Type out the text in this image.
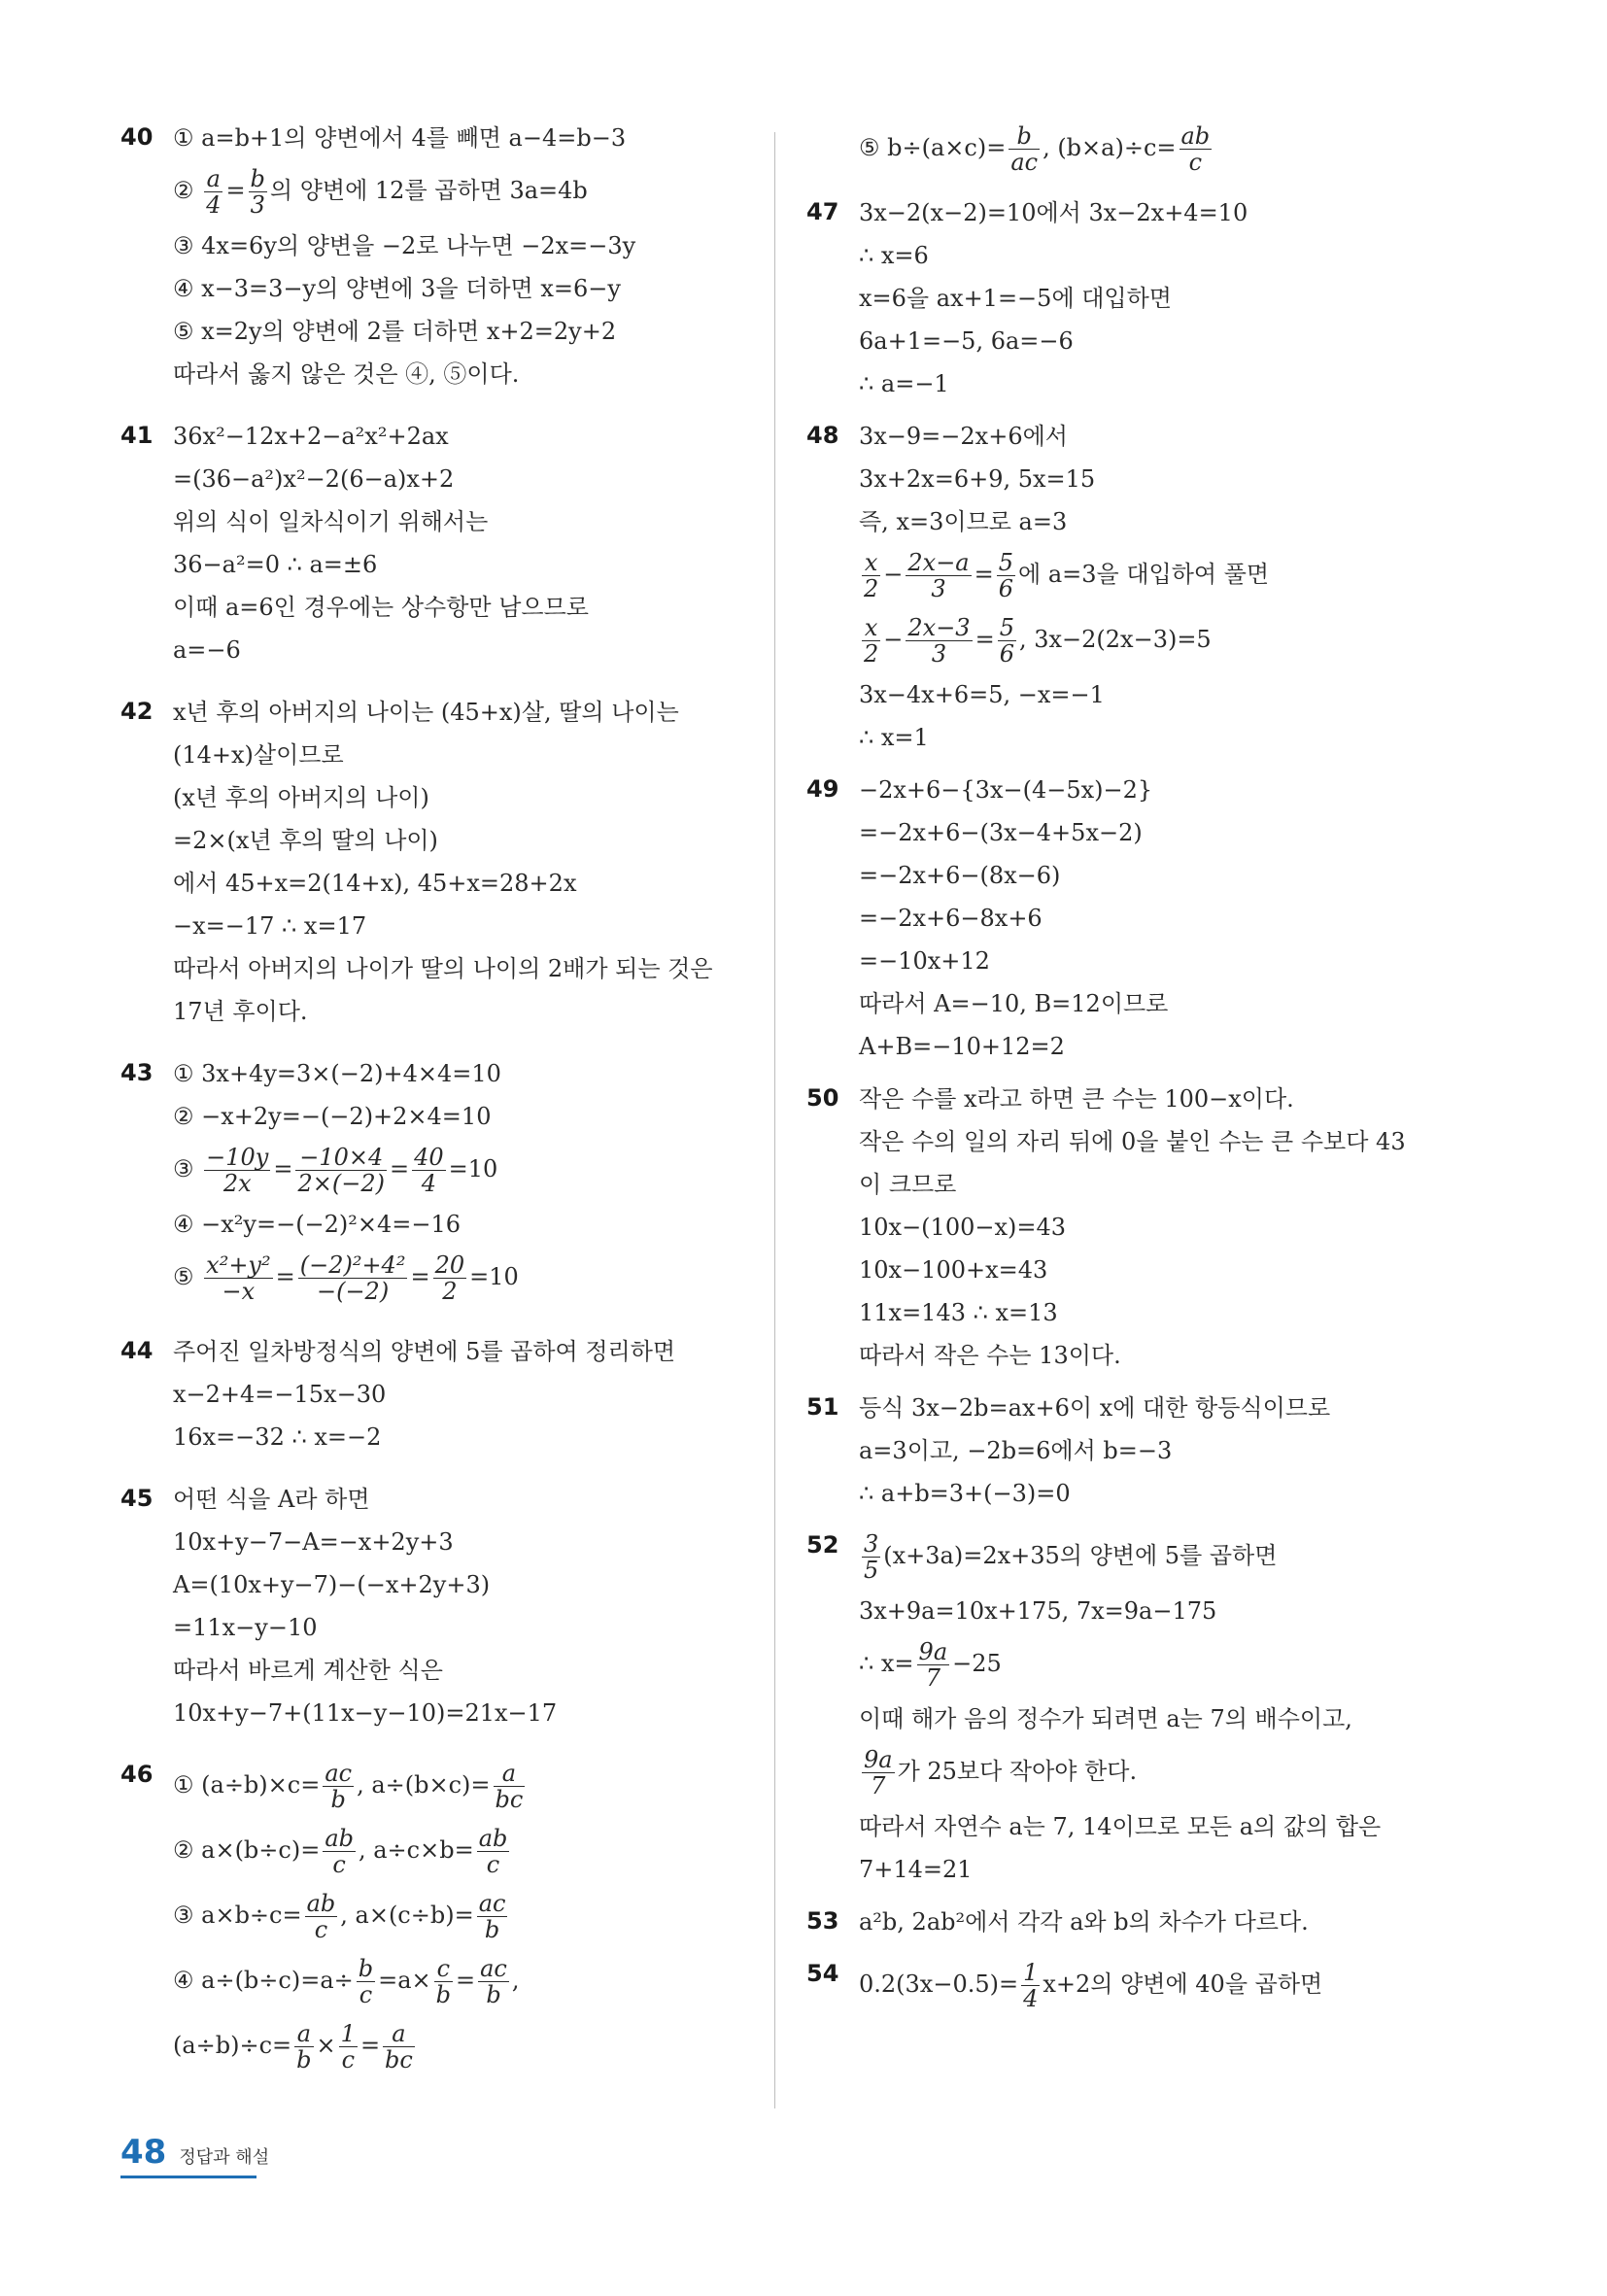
40 ① a=b+1의 양변에서 4를 빼면 a−4=b−3
② $\frac{a}{4} = \frac{b}{3}$ 의 양변에 12를 곱하면 3a=4b
③ 4x=6y의 양변을 −2로 나누면 −2x=−3y
④ x−3=3−y의 양변에 3을 더하면 x=6−y
⑤ x=2y의 양변에 2를 더하면 x+2=2y+2
따라서 옳지 않은 것은 ④, ⑤이다.
41 36x²−12x+2−a²x²+2ax
=(36−a²)x²−2(6−a)x+2
위의 식이 일차식이기 위해서는
36−a²=0 ∴ a=±6
이때 a=6인 경우에는 상수항만 남으므로
a=−6
42 x년 후의 아버지의 나이는 (45+x)살, 딸의 나이는
(14+x)살이므로
(x년 후의 아버지의 나이)
=2×(x년 후의 딸의 나이)
에서 45+x=2(14+x), 45+x=28+2x
−x=−17 ∴ x=17
따라서 아버지의 나이가 딸의 나이의 2배가 되는 것은
17년 후이다.
43 ① 3x+4y=3×(−2)+4×4=10
② −x+2y=−(−2)+2×4=10
③ $\frac{-10y}{2x} = \frac{-10\times 4}{2\times(-2)} = \frac{40}{4} =10$
④ −x²y=−(−2)²×4=−16
⑤ $\frac{\text{x²+y²}}{-x} = \frac{\text{(−2)²+4²}}{-(-2)} = \frac{20}{2} =10$
44 주어진 일차방정식의 양변에 5를 곱하여 정리하면
x−2+4=−15x−30
16x=−32 ∴ x=−2
45 어떤 식을 A라 하면
10x+y−7−A=−x+2y+3
A=(10x+y−7)−(−x+2y+3)
=11x−y−10
따라서 바르게 계산한 식은
10x+y−7+(11x−y−10)=21x−17
46 ① $(a\div b)\times c= \frac{ac}{b}$ , $a\div(b\times c)= \frac{a}{bc}$
② $a\times(b\div c)= \frac{ab}{c}$ , $a\div c\times b= \frac{ab}{c}$
③ $a\times b\div c= \frac{ab}{c}$ , $a\times(c\div b)= \frac{ac}{b}$
④ $a\div(b\div c)=a\div \frac{b}{c} =a\times \frac{c}{b} = \frac{ac}{b}$ ,
$(a\div b)\div c= \frac{a}{b} \times \frac{1}{c} = \frac{a}{bc}$
⑤ $b\div(a\times c)= \frac{b}{ac}$ , $(b\times a)\div c= \frac{ab}{c}$
47 3x−2(x−2)=10에서 3x−2x+4=10
∴ x=6
x=6을 ax+1=−5에 대입하면
6a+1=−5, 6a=−6
∴ a=−1
48 3x−9=−2x+6에서
3x+2x=6+9, 5x=15
즉, x=3이므로 a=3
$\frac{x}{2} - \frac{2x-a}{3} = \frac{5}{6}$ 에 a=3을 대입하여 풀면
$\frac{x}{2} - \frac{2x-3}{3} = \frac{5}{6}$ , 3x−2(2x−3)=5
3x−4x+6=5, −x=−1
∴ x=1
49 −2x+6−{3x−(4−5x)−2}
=−2x+6−(3x−4+5x−2)
=−2x+6−(8x−6)
=−2x+6−8x+6
=−10x+12
따라서 A=−10, B=12이므로
A+B=−10+12=2
50 작은 수를 x라고 하면 큰 수는 100−x이다.
작은 수의 일의 자리 뒤에 0을 붙인 수는 큰 수보다 43
이 크므로
10x−(100−x)=43
10x−100+x=43
11x=143 ∴ x=13
따라서 작은 수는 13이다.
51 등식 3x−2b=ax+6이 x에 대한 항등식이므로
a=3이고, −2b=6에서 b=−3
∴ a+b=3+(−3)=0
$52 \frac{3}{5} (x+3a)=2x+35$의 양변에 5를 곱하면
3x+9a=10x+175, 7x=9a−175
∴ $x= \frac{9a}{7} -25$
이때 해가 음의 정수가 되려면 a는 7의 배수이고,
$\frac{9a}{7}$ 가 25보다 작아야 한다.
따라서 자연수 a는 7, 14이므로 모든 a의 값의 합은
7+14=21
53 a²b, 2ab²에서 각각 a와 b의 차수가 다르다.
54 $0.2(3x-0.5)= \frac{1}{4} x+2$의 양변에 40을 곱하면
48 정답과 해설
